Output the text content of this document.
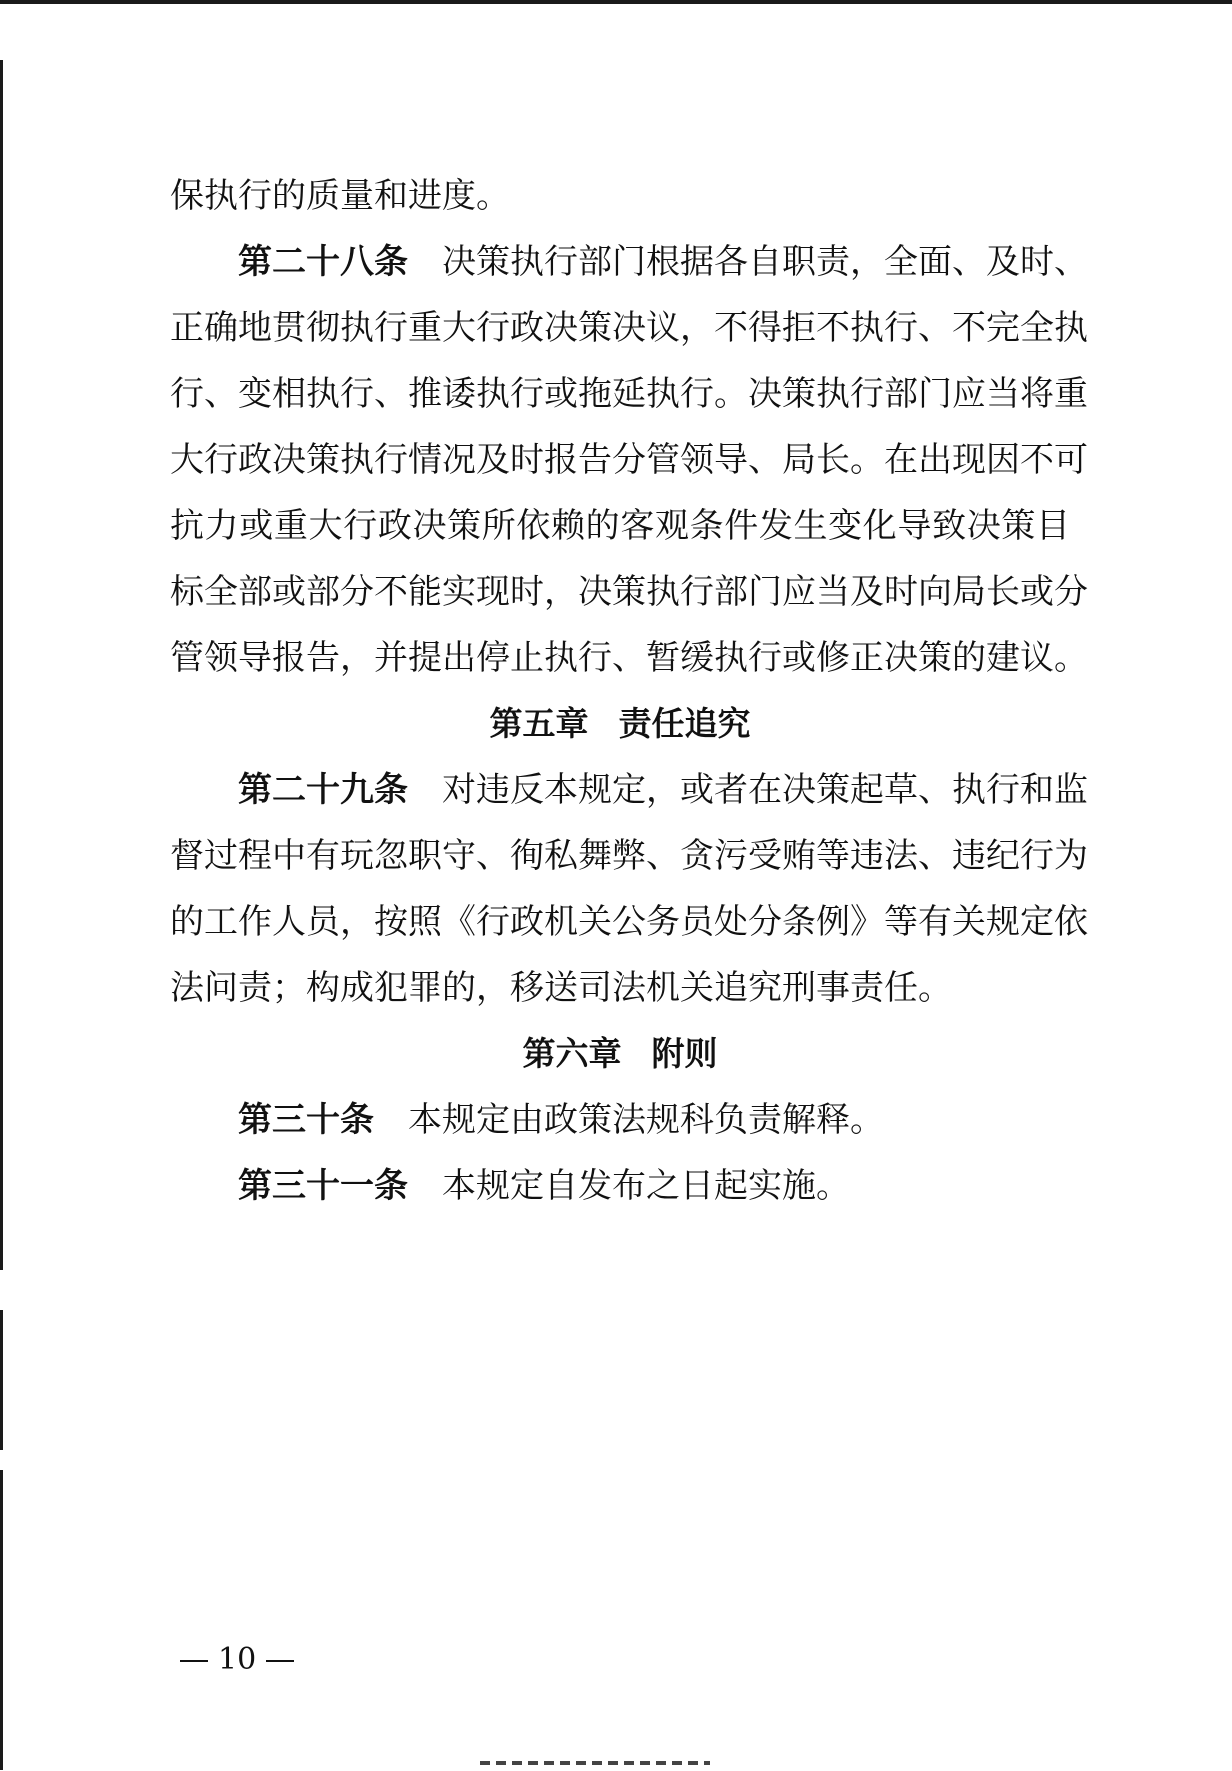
保执行的质量和进度。
第二十八条 决策执行部门根据各自职责，全面、及时、
正确地贯彻执行重大行政决策决议，不得拒不执行、不完全执
行、变相执行、推诿执行或拖延执行。决策执行部门应当将重
大行政决策执行情况及时报告分管领导、局长。在出现因不可
抗力或重大行政决策所依赖的客观条件发生变化导致决策目
标全部或部分不能实现时，决策执行部门应当及时向局长或分
管领导报告，并提出停止执行、暂缓执行或修正决策的建议。
第五章 责任追究
第二十九条 对违反本规定，或者在决策起草、执行和监
督过程中有玩忽职守、徇私舞弊、贪污受贿等违法、违纪行为
的工作人员，按照《行政机关公务员处分条例》等有关规定依
法问责；构成犯罪的，移送司法机关追究刑事责任。
第六章 附则
第三十条 本规定由政策法规科负责解释。
第三十一条 本规定自发布之日起实施。
10
